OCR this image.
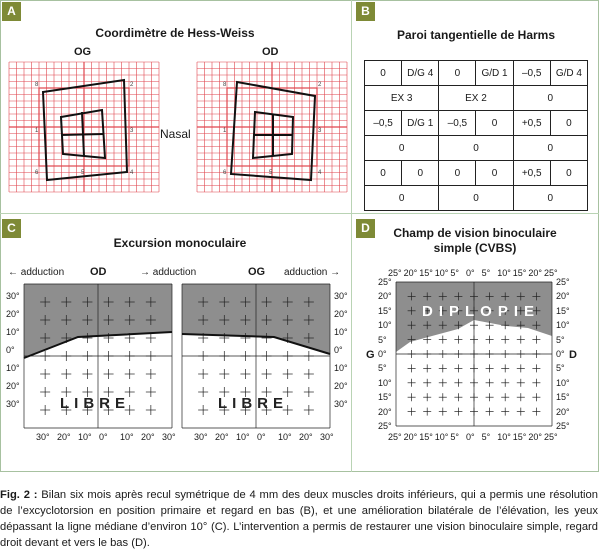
A
Coordimètre de Hess-Weiss
OG	OD
Nasal
8	2
1	3
6	4
5
8	2
1	3
6	4
5
B
Paroi tangentielle de Harms
0	D/G 4	0	G/D 1	–0,5	G/D 4
EX 3		EX 2		0	
–0,5	D/G 1	–0,5	0	+0,5	0
0		0		0	
0	0	0	0	+0,5	0
0		0		0	
C
Excursion monoculaire
← adduction OD	→ adduction	OG adduction →
LIBRE	LIBRE
30°
20°
10°
0°
10°
20°
30°
30°
20°
10°
0°
10°
20°
30°
30° 20° 10° 0° 10° 20° 30° 30° 20° 10° 0° 10° 20° 30°
D	Champ de vision binoculaire
simple (CVBS)
DIPLOPIE
G	D
25° 20° 15° 10° 5° 0° 5° 10° 15° 20° 25°
25° 20° 15° 10° 5° 0° 5° 10° 15° 20° 25°
25°
20°
15°
10°
5°
0°
5°
10°
15°
20°
25°
25°
20°
15°
10°
5°
0°
5°
10°
15°
20°
25°
Fig. 2 : Bilan six mois après recul symétrique de 4 mm des deux muscles droits inférieurs, qui a permis une résolution de l’excyclotorsion en position primaire et regard en bas (B), et une amélioration bilatérale de l’élévation, les yeux dépassant la ligne médiane d’environ 10° (C). L’intervention a permis de restaurer une vision binoculaire simple, regard droit devant et vers le bas (D).
